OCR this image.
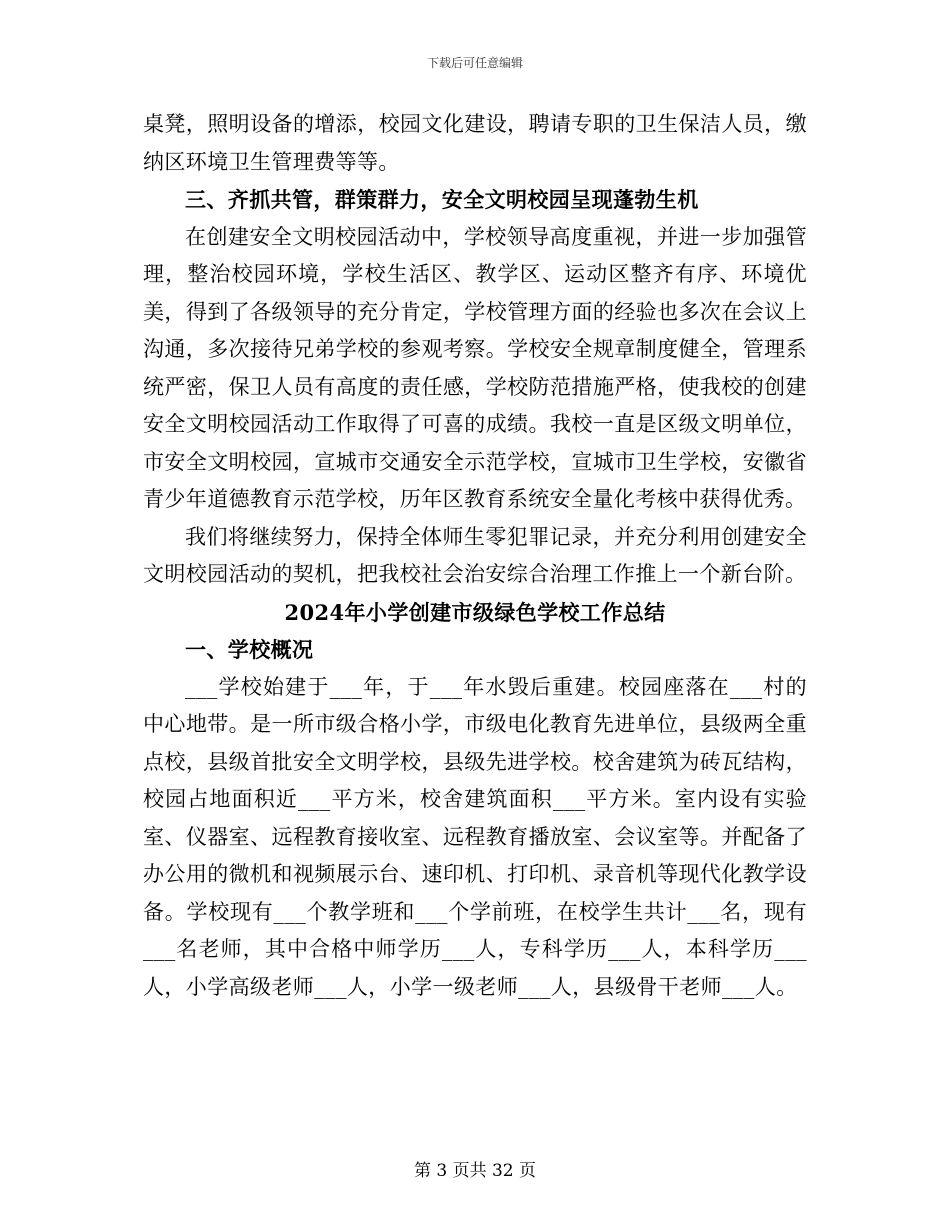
下载后可任意编辑

桌凳，照明设备的增添，校园文化建设，聘请专职的卫生保洁人员，缴纳区环境卫生管理费等等。

三、齐抓共管，群策群力，安全文明校园呈现蓬勃生机

在创建安全文明校园活动中，学校领导高度重视，并进一步加强管理，整治校园环境，学校生活区、教学区、运动区整齐有序、环境优美，得到了各级领导的充分肯定，学校管理方面的经验也多次在会议上沟通，多次接待兄弟学校的参观考察。学校安全规章制度健全，管理系统严密，保卫人员有高度的责任感，学校防范措施严格，使我校的创建安全文明校园活动工作取得了可喜的成绩。我校一直是区级文明单位，市安全文明校园，宣城市交通安全示范学校，宣城市卫生学校，安徽省青少年道德教育示范学校，历年区教育系统安全量化考核中获得优秀。

我们将继续努力，保持全体师生零犯罪记录，并充分利用创建安全文明校园活动的契机，把我校社会治安综合治理工作推上一个新台阶。

2024年小学创建市级绿色学校工作总结

一、学校概况

___学校始建于___年，于___年水毁后重建。校园座落在___村的中心地带。是一所市级合格小学，市级电化教育先进单位，县级两全重点校，县级首批安全文明学校，县级先进学校。校舍建筑为砖瓦结构，校园占地面积近___平方米，校舍建筑面积___平方米。室内设有实验室、仪器室、远程教育接收室、远程教育播放室、会议室等。并配备了办公用的微机和视频展示台、速印机、打印机、录音机等现代化教学设备。学校现有___个教学班和___个学前班，在校学生共计___名，现有___名老师，其中合格中师学历___人，专科学历___人，本科学历___人，小学高级老师___人，小学一级老师___人，县级骨干老师___人。

第 3 页共 32 页
